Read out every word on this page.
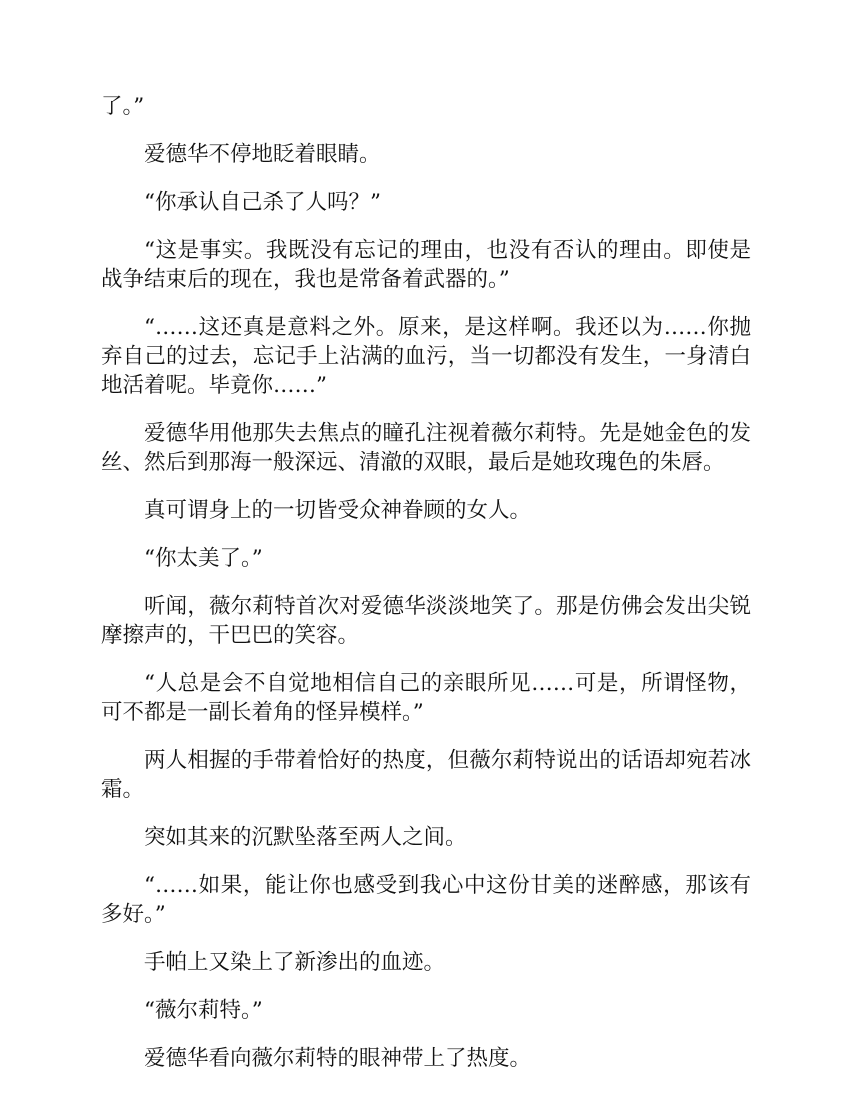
了。”

爱德华不停地眨着眼睛。

“你承认自己杀了人吗？”

“这是事实。我既没有忘记的理由，也没有否认的理由。即使是战争结束后的现在，我也是常备着武器的。”

“……这还真是意料之外。原来，是这样啊。我还以为……你抛弃自己的过去，忘记手上沾满的血污，当一切都没有发生，一身清白地活着呢。毕竟你……”

爱德华用他那失去焦点的瞳孔注视着薇尔莉特。先是她金色的发丝、然后到那海一般深远、清澈的双眼，最后是她玫瑰色的朱唇。

真可谓身上的一切皆受众神眷顾的女人。

“你太美了。”

听闻，薇尔莉特首次对爱德华淡淡地笑了。那是仿佛会发出尖锐摩擦声的，干巴巴的笑容。

“人总是会不自觉地相信自己的亲眼所见……可是，所谓怪物，可不都是一副长着角的怪异模样。”

两人相握的手带着恰好的热度，但薇尔莉特说出的话语却宛若冰霜。

突如其来的沉默坠落至两人之间。

“……如果，能让你也感受到我心中这份甘美的迷醉感，那该有多好。”

手帕上又染上了新渗出的血迹。

“薇尔莉特。”

爱德华看向薇尔莉特的眼神带上了热度。
